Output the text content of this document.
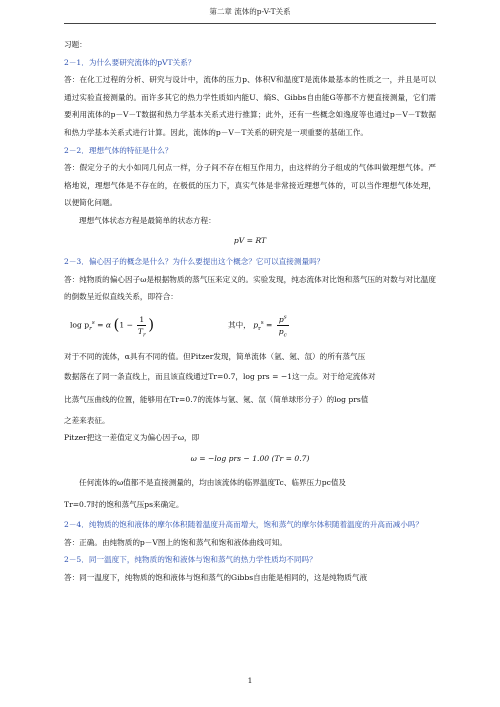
第二章 流体的p-V-T关系
习题：
2－1．为什么要研究流体的pVT关系？
答：在化工过程的分析、研究与设计中，流体的压力p、体积V和温度T是流体最基本的性质之一，并且是可以通过实验直接测量的。而许多其它的热力学性质如内能U、熵S、Gibbs自由能G等都不方便直接测量，它们需要利用流体的p－V－T数据和热力学基本关系式进行推算；此外，还有一些概念如逸度等也通过p－V－T数据和热力学基本关系式进行计算。因此，流体的p－V－T关系的研究是一项重要的基础工作。
2－2．理想气体的特征是什么？
答：假定分子的大小如同几何点一样，分子间不存在相互作用力，由这样的分子组成的气体叫做理想气体。严格地说，理想气体是不存在的，在极低的压力下，真实气体是非常接近理想气体的，可以当作理想气体处理，以便简化问题。
理想气体状态方程是最简单的状态方程：
pV = RT
2－3．偏心因子的概念是什么？为什么要提出这个概念？它可以直接测量吗？
答：纯物质的偏心因子ω是根据物质的蒸气压来定义的。实验发现，纯态流体对比饱和蒸气压的对数与对比温度的倒数呈近似直线关系，即符合：
$\log p_r^s = \alpha$ ($1 - \frac{1}{T_r}$ )	其中， $p_r^s = \frac{p^s}{p_c}$
对于不同的流体，α具有不同的值。但Pitzer发现，简单流体（氩、氪、氙）的所有蒸气压
数据落在了同一条直线上，而且该直线通过Tr=0.7，log prs = −1这一点。对于给定流体对
比蒸气压曲线的位置，能够用在Tr=0.7的流体与氩、氪、氙（简单球形分子）的log prs值
之差来表征。
Pitzer把这一差值定义为偏心因子ω，即
ω = −log prs − 1.00 (Tr = 0.7)
任何流体的ω值都不是直接测量的，均由该流体的临界温度Tc、临界压力pc值及
Tr=0.7时的饱和蒸气压ps来确定。
2－4．纯物质的饱和液体的摩尔体积随着温度升高而增大，饱和蒸气的摩尔体积随着温度的升高而减小吗？
答：正确。由纯物质的p－V图上的饱和蒸气和饱和液体曲线可知。
2－5．同一温度下，纯物质的饱和液体与饱和蒸气的热力学性质均不同吗？
答：同一温度下，纯物质的饱和液体与饱和蒸气的Gibbs自由能是相同的，这是纯物质气液
1
